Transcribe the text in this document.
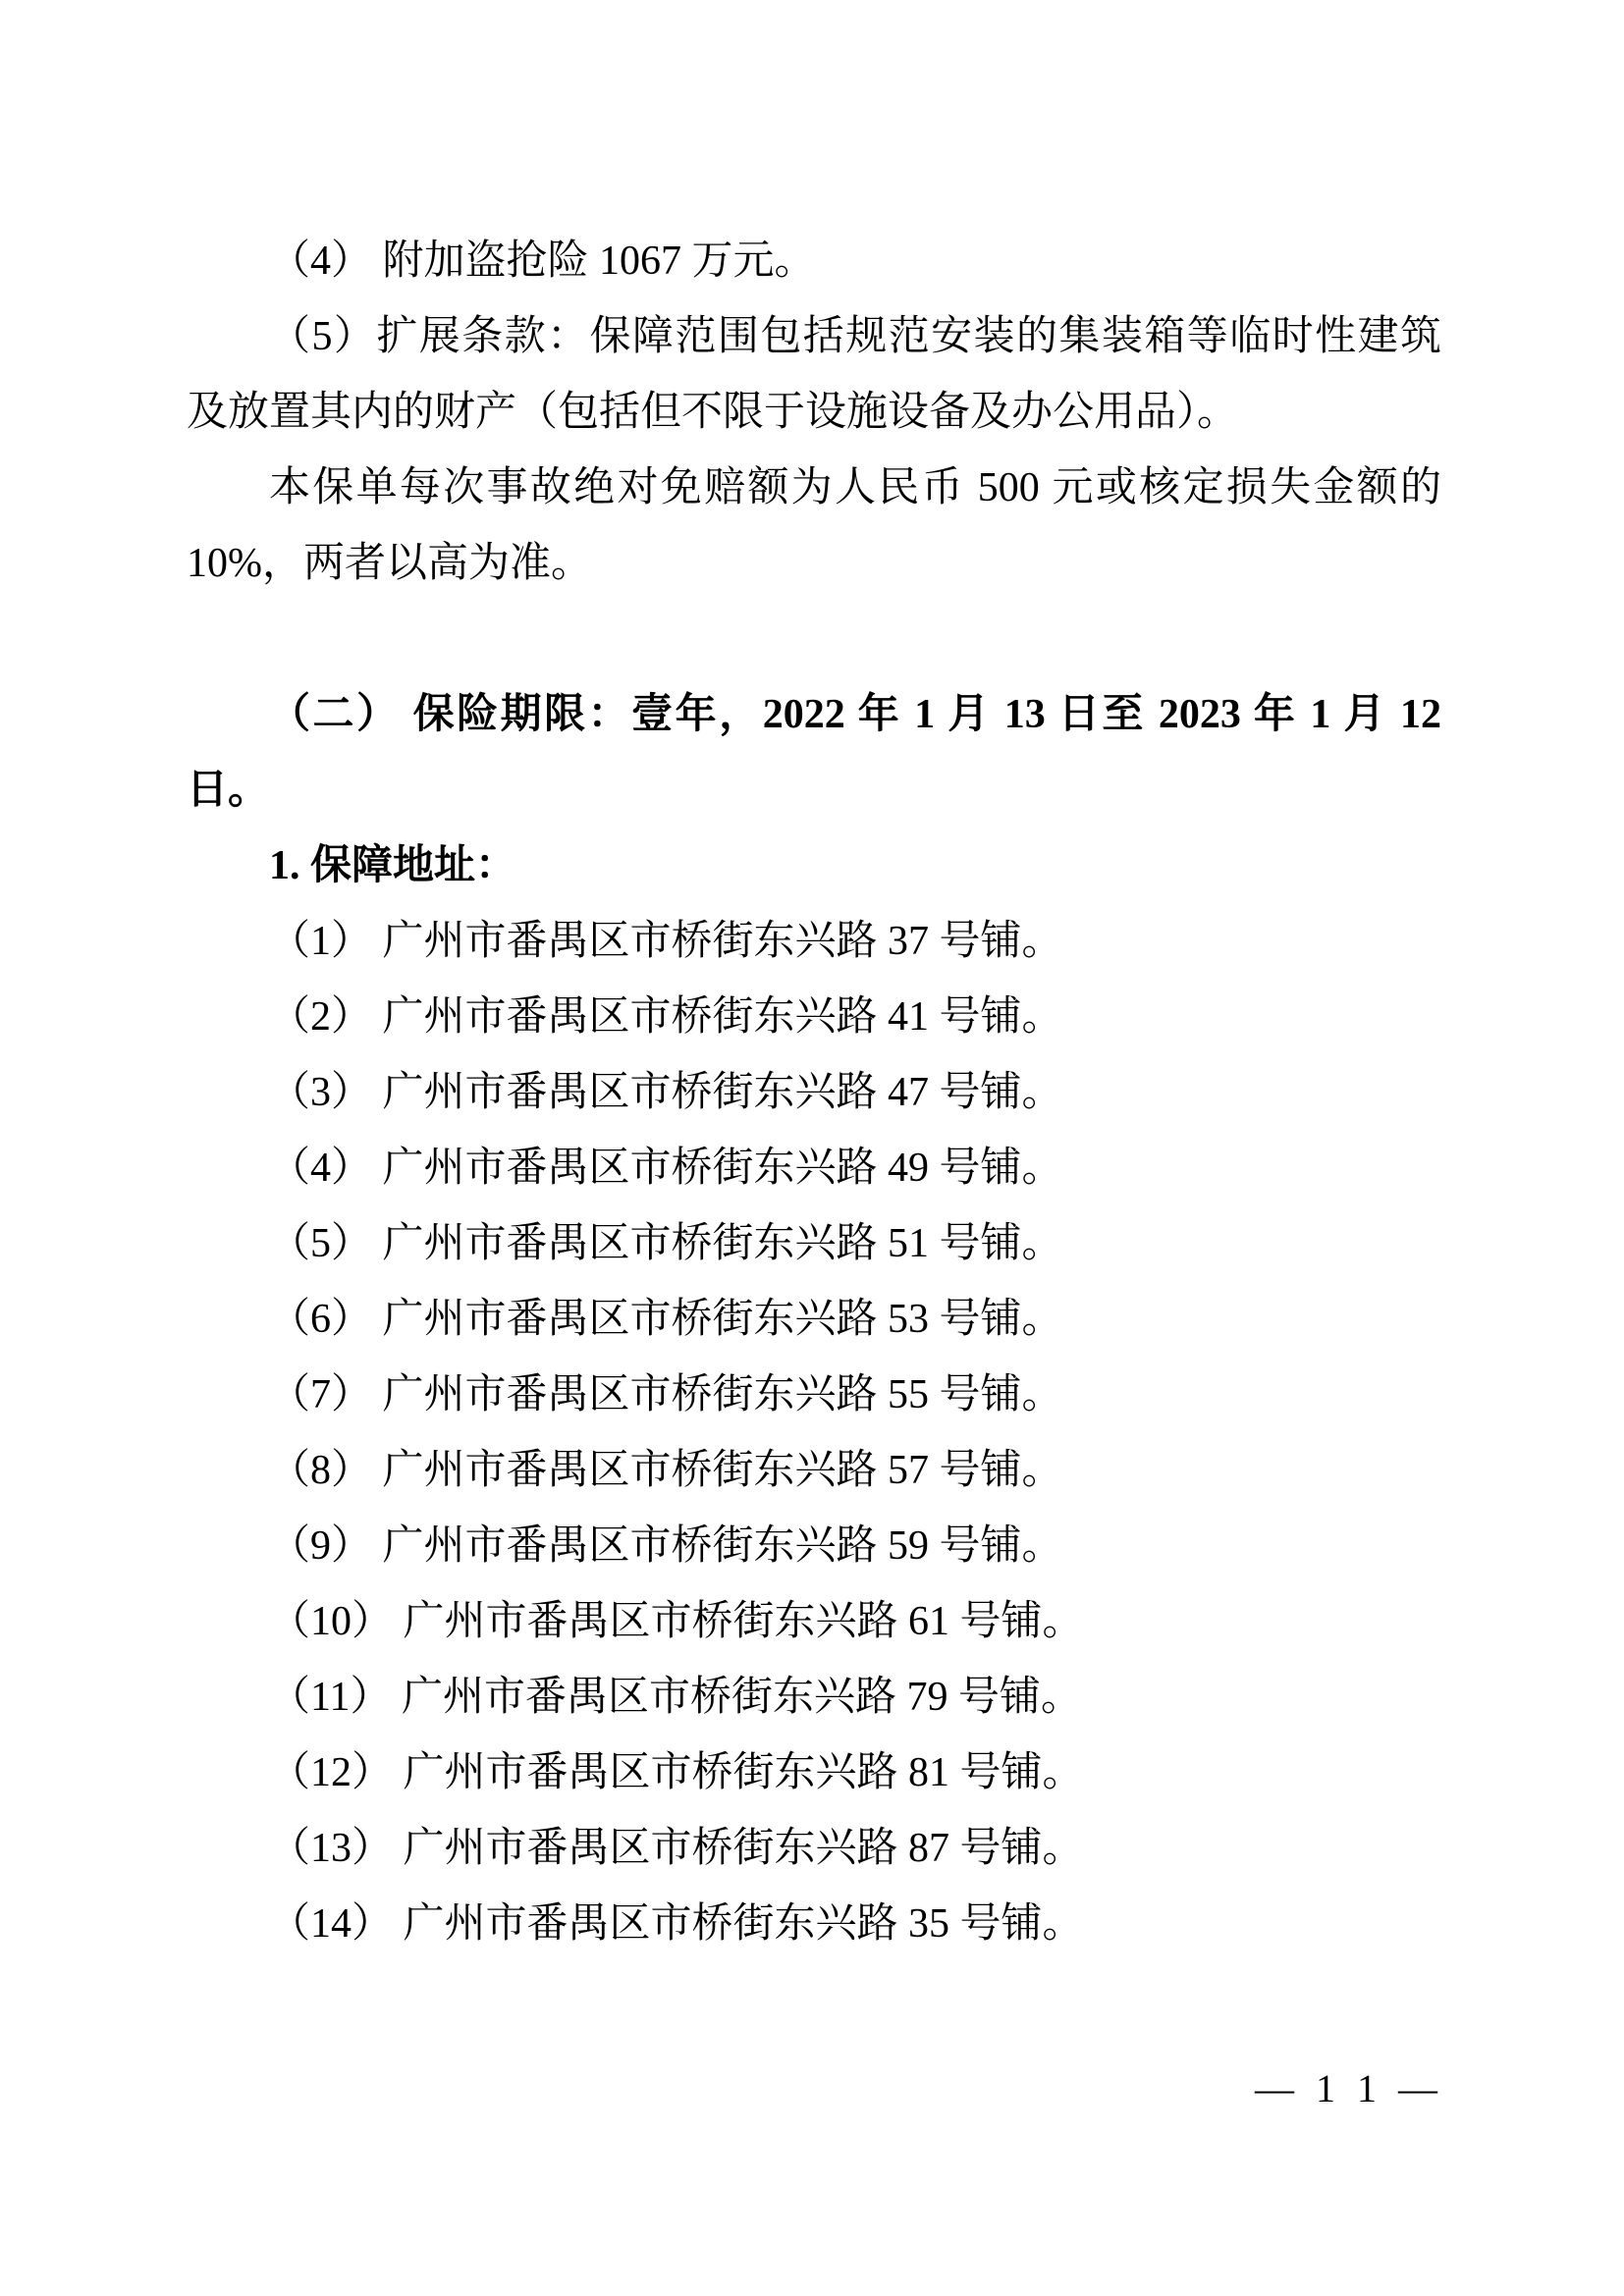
（4） 附加盗抢险 1067 万元。
（5）扩展条款：保障范围包括规范安装的集装箱等临时性建筑
及放置其内的财产（包括但不限于设施设备及办公用品）。
本保单每次事故绝对免赔额为人民币 500 元或核定损失金额的
10%，两者以高为准。
（二） 保险期限：壹年，2022 年 1 月 13 日至 2023 年 1 月 12
日。
1. 保障地址：
（1） 广州市番禺区市桥街东兴路 37 号铺。
（2） 广州市番禺区市桥街东兴路 41 号铺。
（3） 广州市番禺区市桥街东兴路 47 号铺。
（4） 广州市番禺区市桥街东兴路 49 号铺。
（5） 广州市番禺区市桥街东兴路 51 号铺。
（6） 广州市番禺区市桥街东兴路 53 号铺。
（7） 广州市番禺区市桥街东兴路 55 号铺。
（8） 广州市番禺区市桥街东兴路 57 号铺。
（9） 广州市番禺区市桥街东兴路 59 号铺。
（10） 广州市番禺区市桥街东兴路 61 号铺。
（11） 广州市番禺区市桥街东兴路 79 号铺。
（12） 广州市番禺区市桥街东兴路 81 号铺。
（13） 广州市番禺区市桥街东兴路 87 号铺。
（14） 广州市番禺区市桥街东兴路 35 号铺。
— 1 1 —
